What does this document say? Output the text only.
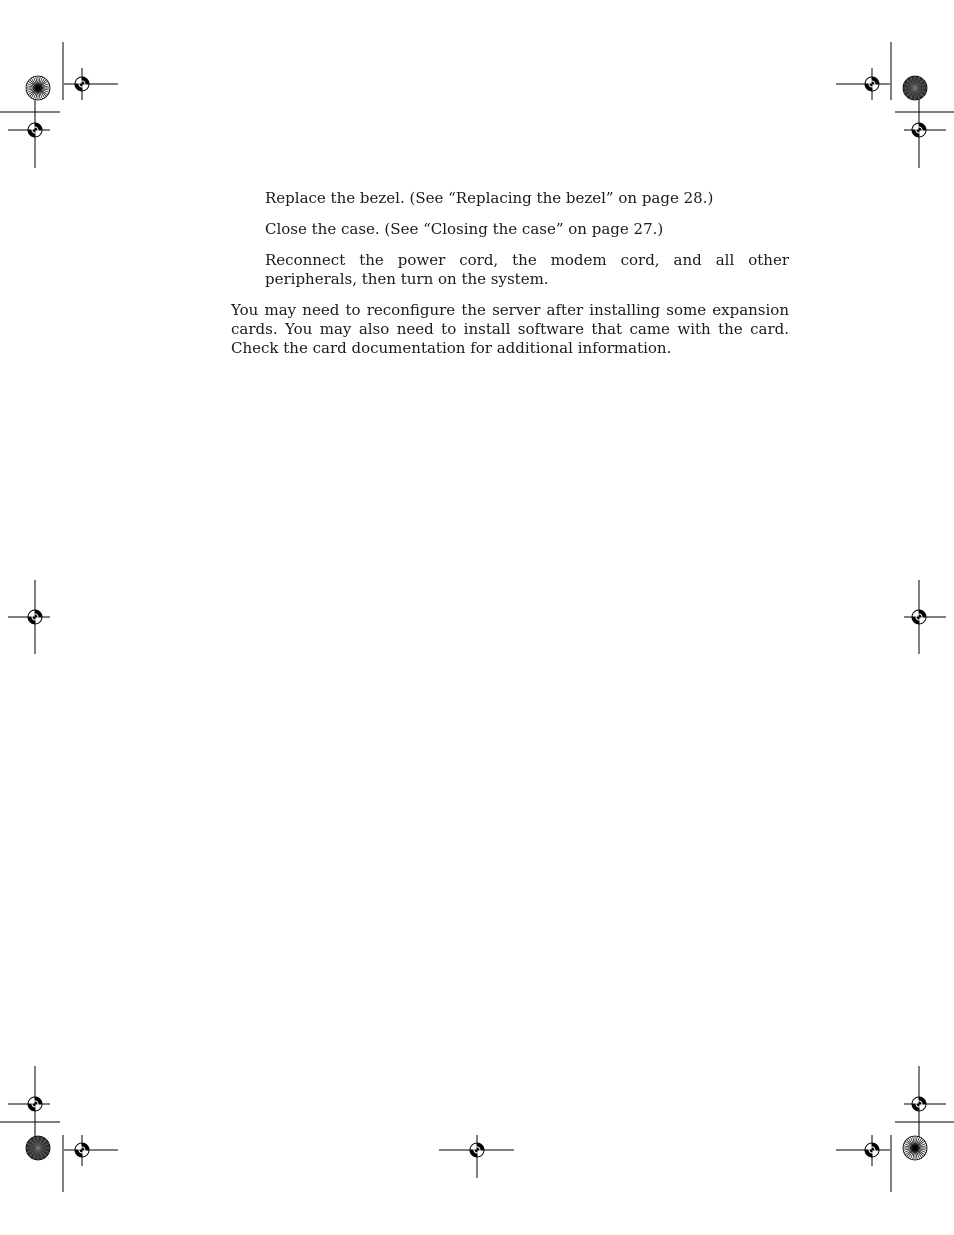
Replace the bezel. (See “Replacing the bezel” on page 28.)
Close the case. (See “Closing the case” on page 27.)
Reconnect the power cord, the modem cord, and all other peripherals, then turn on the system.

You may need to reconfigure the server after installing some expansion cards. You may also need to install software that came with the card. Check the card documentation for additional information.
